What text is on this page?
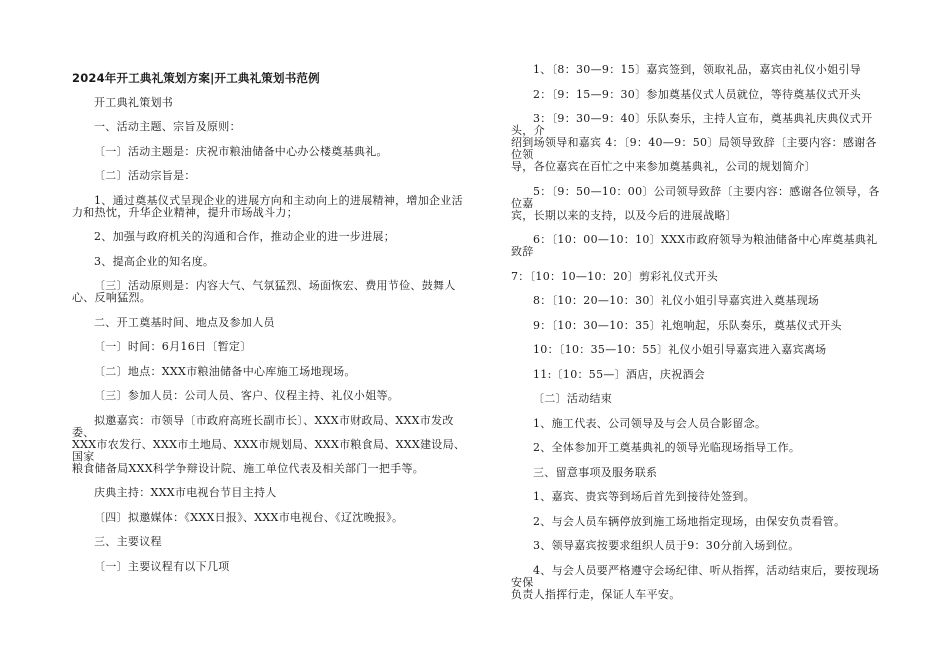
2024年开工典礼策划方案|开工典礼策划书范例

开工典礼策划书

一、活动主题、宗旨及原则：

〔一〕活动主题是：庆祝市粮油储备中心办公楼奠基典礼。

〔二〕活动宗旨是：

1、通过奠基仪式呈现企业的进展方向和主动向上的进展精神，增加企业活
力和热忱，升华企业精神，提升市场战斗力；

2、加强与政府机关的沟通和合作，推动企业的进一步进展；

3、提高企业的知名度。

〔三〕活动原则是：内容大气、气氛猛烈、场面恢宏、费用节俭、鼓舞人
心、反响猛烈。

二、开工奠基时间、地点及参加人员

〔一〕时间：6月16日〔暂定〕

〔二〕地点：XXX市粮油储备中心库施工场地现场。

〔三〕参加人员：公司人员、客户、仪程主持、礼仪小姐等。

拟邀嘉宾：市领导〔市政府高班长副市长〕、XXX市财政局、XXX市发改委、
XXX市农发行、XXX市土地局、XXX市规划局、XXX市粮食局、XXX建设局、国家
粮食储备局XXX科学争辩设计院、施工单位代表及相关部门一把手等。

庆典主持：XXX市电视台节目主持人

〔四〕拟邀媒体：《XXX日报》、XXX市电视台、《辽沈晚报》。

三、主要议程

〔一〕主要议程有以下几项

1、〔8：30—9：15〕嘉宾签到，领取礼品，嘉宾由礼仪小姐引导

2：〔9：15—9：30〕参加奠基仪式人员就位，等待奠基仪式开头

3：〔9：30—9：40〕乐队奏乐，主持人宣布，奠基典礼庆典仪式开头，介
绍到场领导和嘉宾 4：〔9：40—9：50〕局领导致辞〔主要内容：感谢各位领
导，各位嘉宾在百忙之中来参加奠基典礼，公司的规划简介〕

5：〔9：50—10：00〕公司领导致辞〔主要内容：感谢各位领导，各位嘉
宾，长期以来的支持，以及今后的进展战略〕

6：〔10：00—10：10〕XXX市政府领导为粮油储备中心库奠基典礼致辞

7：〔10：10—10：20〕剪彩礼仪式开头

8：〔10：20—10：30〕礼仪小姐引导嘉宾进入奠基现场

9：〔10：30—10：35〕礼炮响起，乐队奏乐，奠基仪式开头

10：〔10：35—10：55〕礼仪小姐引导嘉宾进入嘉宾离场

11:〔10：55—〕酒店，庆祝酒会

〔二〕活动结束

1、施工代表、公司领导及与会人员合影留念。

2、全体参加开工奠基典礼的领导光临现场指导工作。

三、留意事项及服务联系

1、嘉宾、贵宾等到场后首先到接待处签到。

2、与会人员车辆停放到施工场地指定现场，由保安负责看管。

3、领导嘉宾按要求组织人员于9：30分前入场到位。

4、与会人员要严格遵守会场纪律、听从指挥，活动结束后，要按现场安保
负责人指挥行走，保证人车平安。
